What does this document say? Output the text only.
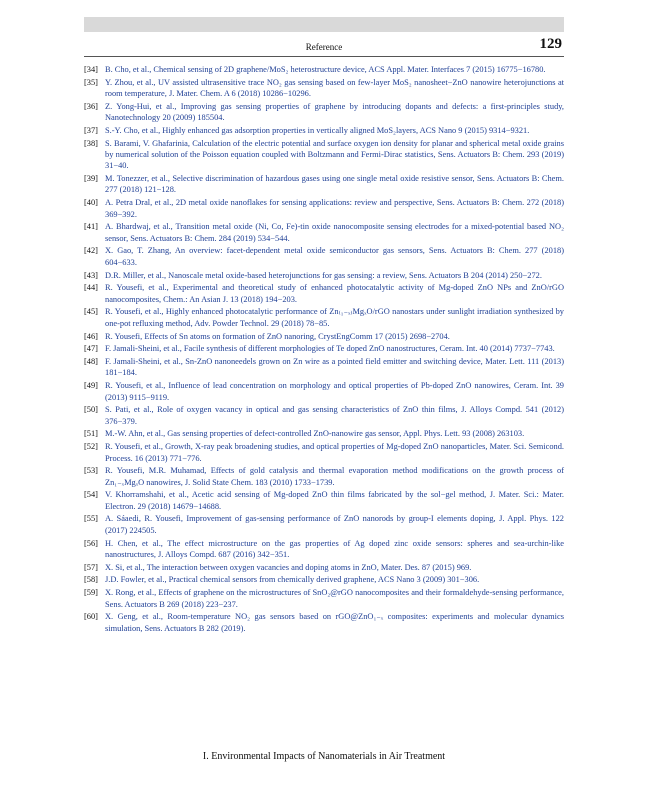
Reference	129
[34] B. Cho, et al., Chemical sensing of 2D graphene/MoS₂ heterostructure device, ACS Appl. Mater. Interfaces 7 (2015) 16775−16780.
[35] Y. Zhou, et al., UV assisted ultrasensitive trace NO₂ gas sensing based on few-layer MoS₂ nanosheet−ZnO nanowire heterojunctions at room temperature, J. Mater. Chem. A 6 (2018) 10286−10296.
[36] Z. Yong-Hui, et al., Improving gas sensing properties of graphene by introducing dopants and defects: a first-principles study, Nanotechnology 20 (2009) 185504.
[37] S.-Y. Cho, et al., Highly enhanced gas adsorption properties in vertically aligned MoS₂layers, ACS Nano 9 (2015) 9314−9321.
[38] S. Barami, V. Ghafarinia, Calculation of the electric potential and surface oxygen ion density for planar and spherical metal oxide grains by numerical solution of the Poisson equation coupled with Boltzmann and Fermi-Dirac statistics, Sens. Actuators B: Chem. 293 (2019) 31−40.
[39] M. Tonezzer, et al., Selective discrimination of hazardous gases using one single metal oxide resistive sensor, Sens. Actuators B: Chem. 277 (2018) 121−128.
[40] A. Petra Dral, et al., 2D metal oxide nanoflakes for sensing applications: review and perspective, Sens. Actuators B: Chem. 272 (2018) 369−392.
[41] A. Bhardwaj, et al., Transition metal oxide (Ni, Co, Fe)-tin oxide nanocomposite sensing electrodes for a mixed-potential based NO₂ sensor, Sens. Actuators B: Chem. 284 (2019) 534−544.
[42] X. Gao, T. Zhang, An overview: facet-dependent metal oxide semiconductor gas sensors, Sens. Actuators B: Chem. 277 (2018) 604−633.
[43] D.R. Miller, et al., Nanoscale metal oxide-based heterojunctions for gas sensing: a review, Sens. Actuators B 204 (2014) 250−272.
[44] R. Yousefi, et al., Experimental and theoretical study of enhanced photocatalytic activity of Mg-doped ZnO NPs and ZnO/rGO nanocomposites, Chem.: An Asian J. 13 (2018) 194−203.
[45] R. Yousefi, et al., Highly enhanced photocatalytic performance of Zn₍₁₋ₓ₎MgₓO/rGO nanostars under sunlight irradiation synthesized by one-pot refluxing method, Adv. Powder Technol. 29 (2018) 78−85.
[46] R. Yousefi, Effects of Sn atoms on formation of ZnO nanoring, CrystEngComm 17 (2015) 2698−2704.
[47] F. Jamali-Sheini, et al., Facile synthesis of different morphologies of Te doped ZnO nanostructures, Ceram. Int. 40 (2014) 7737−7743.
[48] F. Jamali-Sheini, et al., Sn-ZnO nanoneedels grown on Zn wire as a pointed field emitter and switching device, Mater. Lett. 111 (2013) 181−184.
[49] R. Yousefi, et al., Influence of lead concentration on morphology and optical properties of Pb-doped ZnO nanowires, Ceram. Int. 39 (2013) 9115−9119.
[50] S. Pati, et al., Role of oxygen vacancy in optical and gas sensing characteristics of ZnO thin films, J. Alloys Compd. 541 (2012) 376−379.
[51] M.-W. Ahn, et al., Gas sensing properties of defect-controlled ZnO-nanowire gas sensor, Appl. Phys. Lett. 93 (2008) 263103.
[52] R. Yousefi, et al., Growth, X-ray peak broadening studies, and optical properties of Mg-doped ZnO nanoparticles, Mater. Sci. Semicond. Process. 16 (2013) 771−776.
[53] R. Yousefi, M.R. Muhamad, Effects of gold catalysis and thermal evaporation method modifications on the growth process of Zn₁₋ₓMgₓO nanowires, J. Solid State Chem. 183 (2010) 1733−1739.
[54] V. Khorramshahi, et al., Acetic acid sensing of Mg-doped ZnO thin films fabricated by the sol−gel method, J. Mater. Sci.: Mater. Electron. 29 (2018) 14679−14688.
[55] A. Sáaedi, R. Yousefi, Improvement of gas-sensing performance of ZnO nanorods by group-I elements doping, J. Appl. Phys. 122 (2017) 224505.
[56] H. Chen, et al., The effect microstructure on the gas properties of Ag doped zinc oxide sensors: spheres and sea-urchin-like nanostructures, J. Alloys Compd. 687 (2016) 342−351.
[57] X. Si, et al., The interaction between oxygen vacancies and doping atoms in ZnO, Mater. Des. 87 (2015) 969.
[58] J.D. Fowler, et al., Practical chemical sensors from chemically derived graphene, ACS Nano 3 (2009) 301−306.
[59] X. Rong, et al., Effects of graphene on the microstructures of SnO₂@rGO nanocomposites and their formaldehyde-sensing performance, Sens. Actuators B 269 (2018) 223−237.
[60] X. Geng, et al., Room-temperature NO₂ gas sensors based on rGO@ZnO₁₋ₓ composites: experiments and molecular dynamics simulation, Sens. Actuators B 282 (2019).
I. Environmental Impacts of Nanomaterials in Air Treatment
